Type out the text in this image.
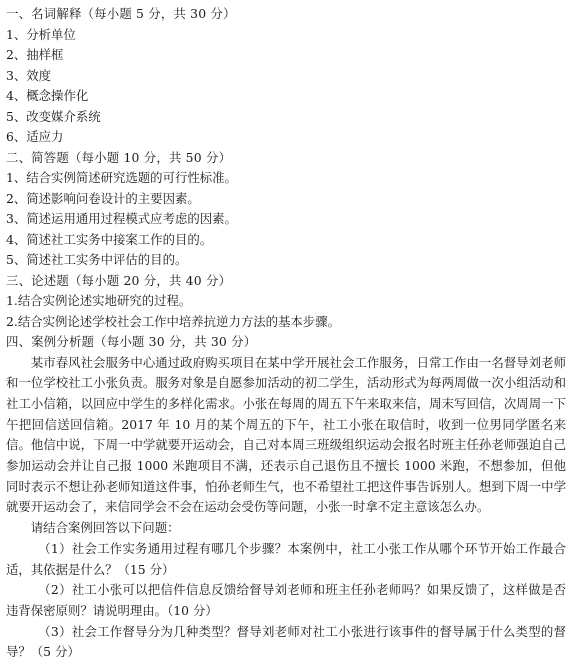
一、名词解释（每小题 5 分，共 30 分）
1、分析单位
2、抽样框
3、效度
4、概念操作化
5、改变媒介系统
6、适应力
二、简答题（每小题 10 分，共 50 分）
1、结合实例简述研究选题的可行性标准。
2、简述影响问卷设计的主要因素。
3、简述运用通用过程模式应考虑的因素。
4、简述社工实务中接案工作的目的。
5、简述社工实务中评估的目的。
三、论述题（每小题 20 分，共 40 分）
1.结合实例论述实地研究的过程。
2.结合实例论述学校社会工作中培养抗逆力方法的基本步骤。
四、案例分析题（每小题 30 分，共 30 分）

某市春风社会服务中心通过政府购买项目在某中学开展社会工作服务，日常工作由一名督导刘老师和一位学校社工小张负责。服务对象是自愿参加活动的初二学生，活动形式为每两周做一次小组活动和社工小信箱，以回应中学生的多样化需求。小张在每周的周五下午来取来信，周末写回信，次周周一下午把回信送回信箱。2017 年 10 月的某个周五的下午，社工小张在取信时，收到一位男同学匿名来信。他信中说，下周一中学就要开运动会，自己对本周三班级组织运动会报名时班主任孙老师强迫自己参加运动会并让自己报 1000 米跑项目不满，还表示自己退伤且不擅长 1000 米跑，不想参加，但他同时表示不想让孙老师知道这件事，怕孙老师生气，也不希望社工把这件事告诉别人。想到下周一中学就要开运动会了，来信同学会不会在运动会受伤等问题，小张一时拿不定主意该怎么办。

请结合案例回答以下问题：

（1）社会工作实务通用过程有哪几个步骤？本案例中，社工小张工作从哪个环节开始工作最合适，其依据是什么？（15 分）

（2）社工小张可以把信件信息反馈给督导刘老师和班主任孙老师吗？如果反馈了，这样做是否违背保密原则？请说明理由。（10 分）

（3）社会工作督导分为几种类型？督导刘老师对社工小张进行该事件的督导属于什么类型的督导？（5 分）
